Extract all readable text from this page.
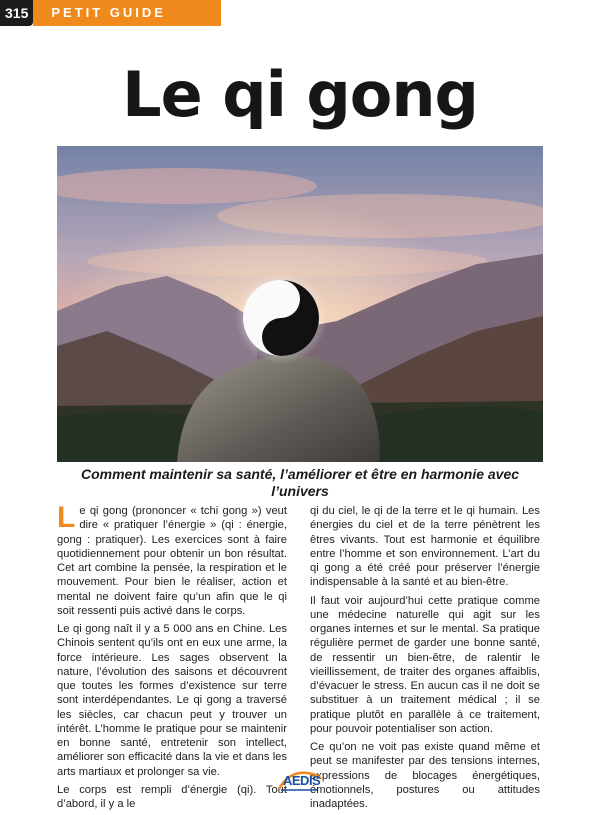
315	PETIT GUIDE
Le qi gong
Comment maintenir sa santé, l’améliorer et être en harmonie avec l’univers

Le qi gong (prononcer « tchi gong ») veut dire « pratiquer l’énergie » (qi : énergie, gong : pratiquer). Les exercices sont à faire quotidiennement pour obtenir un bon résultat. Cet art combine la pensée, la respiration et le mouvement. Pour bien le réaliser, action et mental ne doivent faire qu’un afin que le qi soit ressenti puis activé dans le corps.

Le qi gong naît il y a 5 000 ans en Chine. Les Chinois sentent qu’ils ont en eux une arme, la force intérieure. Les sages observent la nature, l’évolution des saisons et découvrent que toutes les formes d’existence sur terre sont interdépendantes. Le qi gong a traversé les siècles, car chacun peut y trouver un intérêt. L’homme le pratique pour se maintenir en bonne santé, entretenir son intellect, améliorer son efficacité dans la vie et dans les arts martiaux et prolonger sa vie.

Le corps est rempli d’énergie (qi). Tout d’abord, il y a le

qi du ciel, le qi de la terre et le qi humain. Les énergies du ciel et de la terre pénètrent les êtres vivants. Tout est harmonie et équilibre entre l’homme et son environnement. L’art du qi gong a été créé pour préserver l’énergie indispensable à la santé et au bien-être.

Il faut voir aujourd’hui cette pratique comme une médecine naturelle qui agit sur les organes internes et sur le mental. Sa pratique régulière permet de garder une bonne santé, de ressentir un bien-être, de ralentir le vieillissement, de traiter des organes affaiblis, d’évacuer le stress. En aucun cas il ne doit se substituer à un traitement médical ; il se pratique plutôt en parallèle à ce traitement, pour pouvoir potentialiser son action.

Ce qu’on ne voit pas existe quand même et peut se manifester par des tensions internes, expressions de blocages énergétiques, émotionnels, postures ou attitudes inadaptées.

AEDIS
